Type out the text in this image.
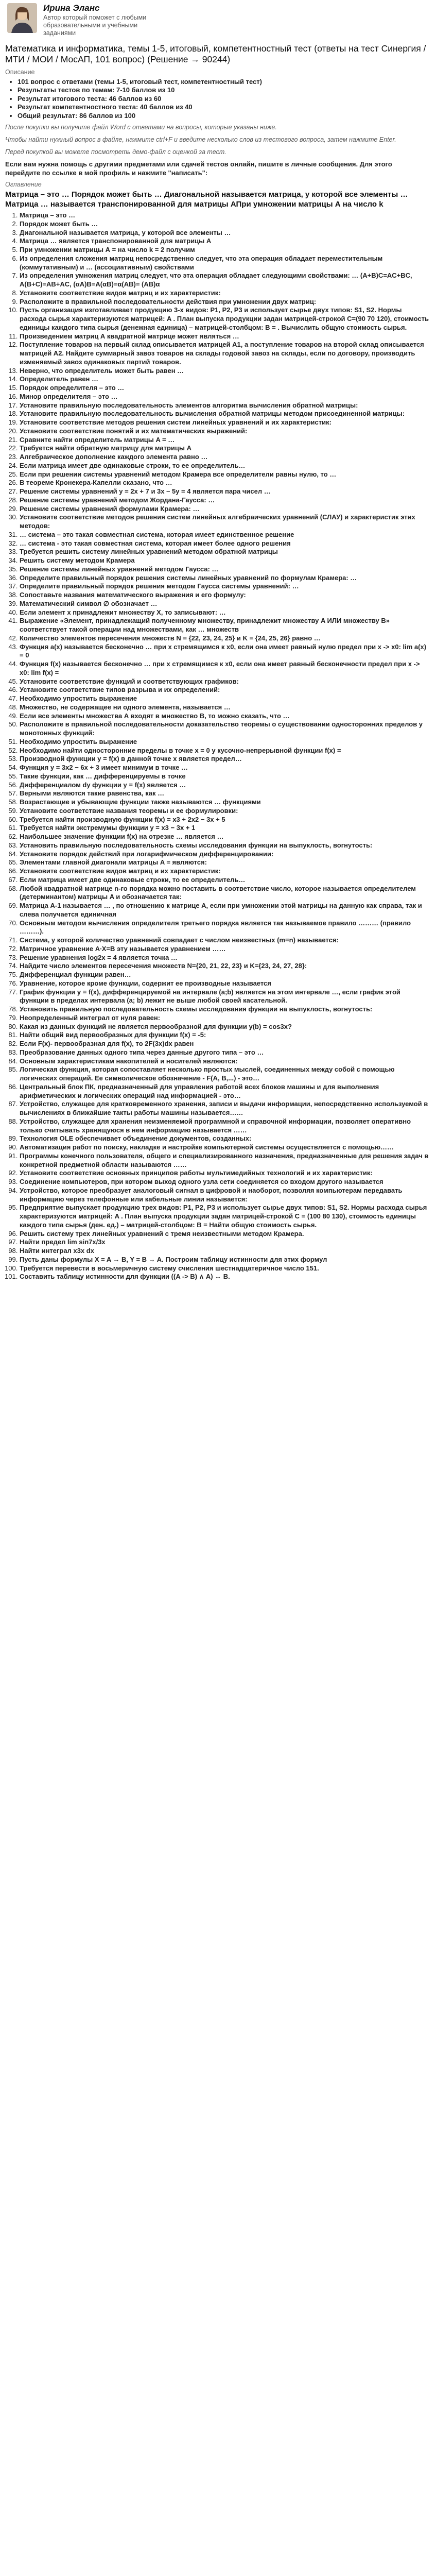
Ирина Эланс
Автор который поможет с любыми образовательными и учебными заданиями
Математика и информатика, темы 1-5, итоговый, компетентностный тест (ответы на тест Синергия / МТИ / МОИ / МосАП, 101 вопрос) (Решение → 90244)
Описание
• 101 вопрос с ответами (темы 1-5, итоговый тест, компетентностный тест)
• Результаты тестов по темам: 7-10 баллов из 10
• Результат итогового теста: 46 баллов из 60
• Результат компетентностного теста: 40 баллов из 40
• Общий результат: 86 баллов из 100

После покупки вы получите файл Word с ответами на вопросы, которые указаны ниже.

Чтобы найти нужный вопрос в файле, нажмите ctrl+F и введите несколько слов из тестового вопроса, затем нажмите Enter.

Перед покупкой вы можете посмотреть демо-файл с оценкой за тест.

Если вам нужна помощь с другими предметами или сдачей тестов онлайн, пишите в личные сообщения. Для этого перейдите по ссылке в мой профиль и нажмите "написать":

Оглавление
Матрица – это … Порядок может быть … Диагональной называется матрица, у которой все элементы … Матрица … называется транспонированной для матрицы АПри умножении матрицы А на число k
1. Матрица – это …
2. Порядок может быть …
3. Диагональной называется матрица, у которой все элементы …
4. Матрица … является транспонированной для матрицы А
5. При умножении матрицы А = на число k = 2 получим
6. Из определения сложения матриц непосредственно следует, что эта операция обладает переместительным (коммутативным) и … (ассоциативным) свойствами
7. Из определения умножения матриц следует, что эта операция обладает следующими свойствами: … (A+B)C=AC+BC, A(B+C)=AB+AC, (αA)B=A(αB)=α(AB)= (AB)α
8. Установите соответствие видов матриц и их характеристик:
9. Расположите в правильной последовательности действия при умножении двух матриц:
10. Пусть организация изготавливает продукцию 3-х видов: P1, P2, P3 и использует сырье двух типов: S1, S2. Нормы расхода сырья характеризуются матрицей: A . План выпуска продукции задан матрицей-строкой C=(90 70 120), стоимость единицы каждого типа сырья (денежная единица) – матрицей-столбцом: B = . Вычислить общую стоимость сырья.
11. Произведением матриц А квадратной матрице может являться …
12. Поступление товаров на первый склад описывается матрицей A1, а поступление товаров на второй склад описывается матрицей A2. Найдите суммарный завоз товаров на склады годовой завоз на склады, если по договору, производить изменяемый завоз одинаковых партий товаров.
13. Неверно, что определитель может быть равен …
14. Определитель равен …
15. Порядок определителя – это …
16. Минор определителя – это …
17. Установите правильную последовательность элементов алгоритма вычисления обратной матрицы:
18. Установите правильную последовательность вычисления обратной матрицы методом присоединенной матрицы:
19. Установите соответствие методов решения систем линейных уравнений и их характеристик:
20. Установите соответствие понятий и их математических выражений:
21. Сравните найти определитель матрицы A = …
22. Требуется найти обратную матрицу для матрицы А
23. Алгебраическое дополнение каждого элемента равно …
24. Если матрица имеет две одинаковые строки, то ее определитель…
25. Если при решении системы уравнений методом Крамера все определители равны нулю, то …
26. В теореме Кронекера-Капелли сказано, что …
27. Решение системы уравнений y = 2x + 7 и 3x – 5y = 4 является пара чисел …
28. Решение системы уравнений методом Жордана-Гаусса: …
29. Решение системы уравнений формулами Крамера: …
30. Установите соответствие методов решения систем линейных алгебраических уравнений (СЛАУ) и характеристик этих методов:
31. … система – это такая совместная система, которая имеет единственное решение
32. … система - это такая совместная система, которая имеет более одного решения
33. Требуется решить систему линейных уравнений методом обратной матрицы
34. Решить систему методом Крамера
35. Решение системы линейных уравнений методом Гаусса: …
36. Определите правильный порядок решения системы линейных уравнений по формулам Крамера: …
37. Определите правильный порядок решения методом Гаусса системы уравнений: …
38. Сопоставьте названия математического выражения и его формулу:
39. Математический символ ∅ обозначает …
40. Если элемент x принадлежит множеству X, то записывают: …
41. Выражение «Элемент, принадлежащий полученному множеству, принадлежит множеству A ИЛИ множеству B» соответствует такой операции над множествами, как … множеств
42. Количество элементов пересечения множеств N = {22, 23, 24, 25} и K = {24, 25, 26} равно …
43. Функция a(x) называется бесконечно … при x стремящимся к x0, если она имеет равный нулю предел при x -> x0: lim a(x) = 0
44. Функция f(x) называется бесконечно … при x стремящимся к x0, если она имеет равный бесконечности предел при x -> x0: lim f(x) =
45. Установите соответствие функций и соответствующих графиков:
46. Установите соответствие типов разрыва и их определений:
47. Необходимо упростить выражение
48. Множество, не содержащее ни одного элемента, называется …
49. Если все элементы множества A входят в множество B, то можно сказать, что …
50. Расположите в правильной последовательности доказательство теоремы о существовании односторонних пределов у монотонных функций:
51. Необходимо упростить выражение
52. Необходимо найти односторонние пределы в точке x = 0 у кусочно-непрерывной функции f(x) =
53. Производной функции y = f(x) в данной точке x является предел…
54. Функция y = 3x2 − 6x + 3 имеет минимум в точке …
55. Такие функции, как … дифференцируемы в точке
56. Дифференциалом dy функции y = f(x) является …
57. Верными являются такие равенства, как …
58. Возрастающие и убывающие функции также называются … функциями
59. Установите соответствие названия теоремы и ее формулировки:
60. Требуется найти производную функции f(x) = x3 + 2x2 − 3x + 5
61. Требуется найти экстремумы функции y = x3 − 3x + 1
62. Наибольшее значение функции f(x) на отрезке … является …
63. Установить правильную последовательность схемы исследования функции на выпуклость, вогнутость:
64. Установите порядок действий при логарифмическом дифференцировании:
65. Элементами главной диагонали матрицы A = являются:
66. Установите соответствие видов матриц и их характеристик:
67. Если матрица имеет две одинаковые строки, то ее определитель…
68. Любой квадратной матрице n-го порядка можно поставить в соответствие число, которое называется определителем (детерминантом) матрицы A и обозначается так:
69. Матрица A-1 называется … , по отношению к матрице A, если при умножении этой матрицы на данную как справа, так и слева получается единичная
70. Основным методом вычисления определителя третьего порядка является так называемое правило ……… (правило ………).
71. Система, у которой количество уравнений совпадает с числом неизвестных (m=n) называется:
72. Матричное уравнение A∙X=B эту называется уравнением ……
73. Решение уравнения log2x = 4 является точка …
74. Найдите число элементов пересечения множеств N={20, 21, 22, 23} и K={23, 24, 27, 28}:
75. Дифференциал функции равен…
76. Уравнение, которое кроме функции, содержит ее производные называется
77. График функции y = f(x), дифференцируемой на интервале (a;b) является на этом интервале …, если график этой функции в пределах интервала (a; b) лежит не выше любой своей касательной.
78. Установить правильную последовательность схемы исследования функции на выпуклость, вогнутость:
79. Неопределенный интеграл от нуля равен:
80. Какая из данных функций не является первообразной для функции y(b) = cos3x?
81. Найти общий вид первообразных для функции f(x) = -5:
82. Если F(x)- первообразная для f(x), то 2F(3x)dx равен
83. Преобразование данных одного типа через данные другого типа – это …
84. Основным характеристикам накопителей и носителей являются:
85. Логическая функция, которая сопоставляет несколько простых мыслей, соединенных между собой с помощью логических операций. Ее символическое обозначение - F(A, B,...) - это…
86. Центральный блок ПК, предназначенный для управления работой всех блоков машины и для выполнения арифметических и логических операций над информацией - это…
87. Устройство, служащее для кратковременного хранения, записи и выдачи информации, непосредственно используемой в вычислениях в ближайшие такты работы машины называется……
88. Устройство, служащее для хранения неизменяемой программной и справочной информации, позволяет оперативно только считывать хранящуюся в нем информацию называется ……
89. Технология OLE обеспечивает объединение документов, созданных:
90. Автоматизация работ по поиску, накладке и настройке компьютерной системы осуществляется с помощью……
91. Программы конечного пользователя, общего и специализированного назначения, предназначенные для решения задач в конкретной предметной области называются ……
92. Установите соответствие основных принципов работы мультимедийных технологий и их характеристик:
93. Соединение компьютеров, при котором выход одного узла сети соединяется со входом другого называется
94. Устройство, которое преобразует аналоговый сигнал в цифровой и наоборот, позволяя компьютерам передавать информацию через телефонные или кабельные линии называется:
95. Предприятие выпускает продукцию трех видов: P1, P2, P3 и использует сырье двух типов: S1, S2. Нормы расхода сырья характеризуются матрицей: A . План выпуска продукции задан матрицей-строкой C = (100 80 130), стоимость единицы каждого типа сырья (ден. ед.) – матрицей-столбцом: B = Найти общую стоимость сырья.
96. Решить систему трех линейных уравнений с тремя неизвестными методом Крамера.
97. Найти предел lim sin7x/3x
98. Найти интеграл x3x dx
99. Пусть даны формулы X = A → B, Y = B → A. Построим таблицу истинности для этих формул
100. Требуется перевести в восьмеричную систему счисления шестнадцатеричное число 151.
101. Составить таблицу истинности для функции ((A -> B) ∧ A) ↔ B.
